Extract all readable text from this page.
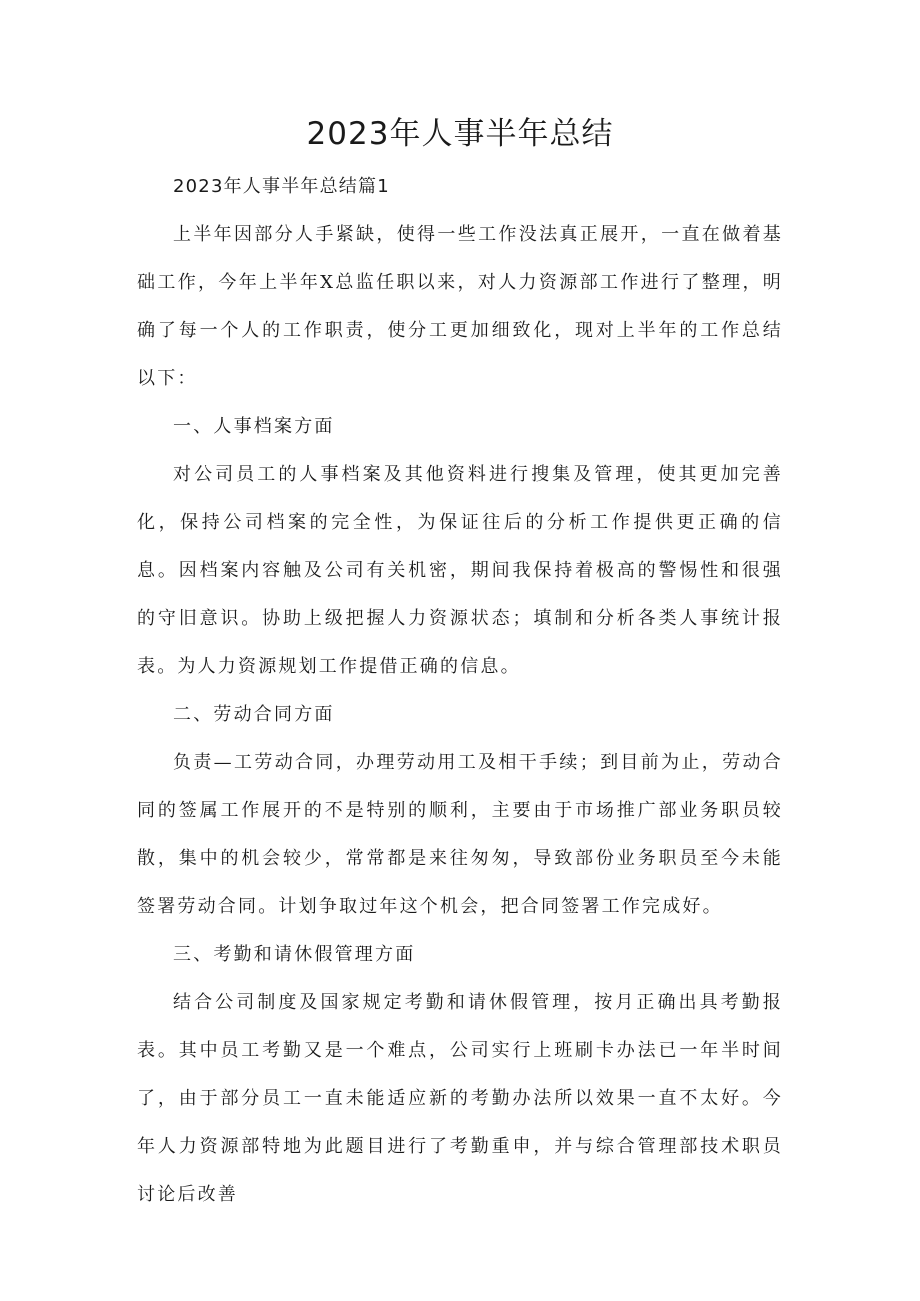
2023年人事半年总结

2023年人事半年总结篇1

上半年因部分人手紧缺，使得一些工作没法真正展开，一直在做着基础工作，今年上半年X总监任职以来，对人力资源部工作进行了整理，明确了每一个人的工作职责，使分工更加细致化，现对上半年的工作总结以下：

一、人事档案方面

对公司员工的人事档案及其他资料进行搜集及管理，使其更加完善化，保持公司档案的完全性，为保证往后的分析工作提供更正确的信息。因档案内容触及公司有关机密，期间我保持着极高的警惕性和很强的守旧意识。协助上级把握人力资源状态；填制和分析各类人事统计报表。为人力资源规划工作提借正确的信息。

二、劳动合同方面

负责—工劳动合同，办理劳动用工及相干手续；到目前为止，劳动合同的签属工作展开的不是特别的顺利，主要由于市场推广部业务职员较散，集中的机会较少，常常都是来往匆匆，导致部份业务职员至今未能签署劳动合同。计划争取过年这个机会，把合同签署工作完成好。

三、考勤和请休假管理方面

结合公司制度及国家规定考勤和请休假管理，按月正确出具考勤报表。其中员工考勤又是一个难点，公司实行上班刷卡办法已一年半时间了，由于部分员工一直未能适应新的考勤办法所以效果一直不太好。今年人力资源部特地为此题目进行了考勤重申，并与综合管理部技术职员讨论后改善
